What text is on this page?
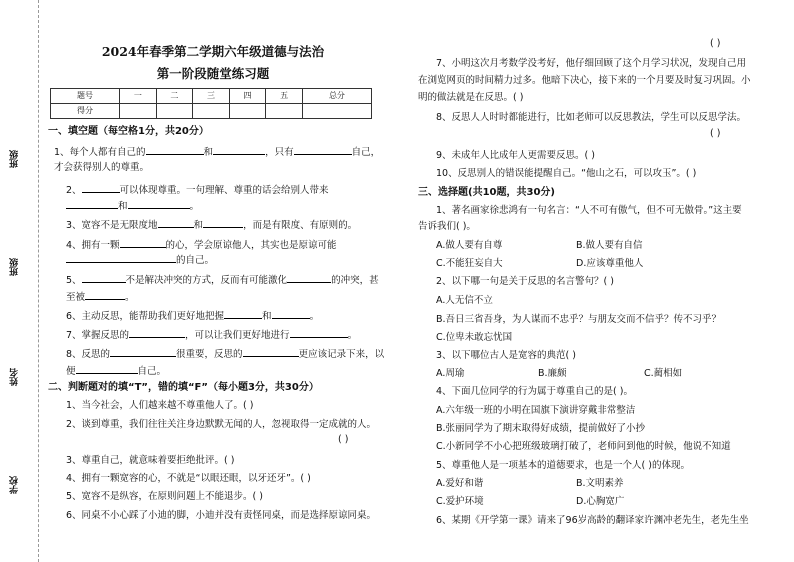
班级
班级
姓名
学校
2024年春季第二学期六年级道德与法治
第一阶段随堂练习题
题号	一	二	三	四	五	总分
得分						
一、填空题（每空格1分，共20分）
1、每个人都有自己的	和	，只有	自己，
才会获得别人的尊重。
2、	可以体现尊重。一句理解、尊重的话会给别人带来
和	。
3、宽容不是无限度地	和	，而是有限度、有原则的。
4、拥有一颗	的心，学会原谅他人，其实也是原谅可能
的自己。
5、	不是解决冲突的方式，反而有可能激化	的冲突，甚
至被	。
6、主动反思，能帮助我们更好地把握	和	。
7、掌握反思的	，可以让我们更好地进行	。
8、反思的	很重要，反思的	更应该记录下来，以
便	自己。
二、判断题对的填“T”，错的填“F”（每小题3分，共30分）
1、当今社会，人们越来越不尊重他人了。( )
2、谈到尊重，我们往往关注身边默默无闻的人，忽视取得一定成就的人。
( )
3、尊重自己，就意味着要拒绝批评。( )
4、拥有一颗宽容的心，不就是“以眼还眼，以牙还牙”。( )
5、宽容不是纵容，在原则问题上不能退步。( )
6、同桌不小心踩了小迪的脚，小迪并没有责怪同桌，而是选择原谅同桌。
( )
7、小明这次月考数学没考好，他仔细回顾了这个月学习状况，发现自己用
在浏览网页的时间精力过多。他暗下决心，接下来的一个月要及时复习巩固。小
明的做法就是在反思。( )
8、反思人人时时都能进行，比如老师可以反思教法，学生可以反思学法。
( )
9、未成年人比成年人更需要反思。( )
10、反思别人的错误能提醒自己。“他山之石，可以攻玉”。( )
三、选择题(共10题，共30分)
1、著名画家徐悲鸿有一句名言：“人不可有傲气，但不可无傲骨。”这主要
告诉我们( )。
A.做人要有自尊	B.做人要有自信
C.不能狂妄自大	D.应该尊重他人
2、以下哪一句是关于反思的名言警句？( )
A.人无信不立
B.吾日三省吾身，为人谋而不忠乎？与朋友交而不信乎？传不习乎？
C.位卑未敢忘忧国
3、以下哪位古人是宽容的典范( )
A.周瑜	B.廉颇	C.蔺相如
4、下面几位同学的行为属于尊重自己的是( )。
A.六年级一班的小明在国旗下演讲穿戴非常整洁
B.张丽同学为了期末取得好成绩，提前做好了小抄
C.小新同学不小心把班级玻璃打破了，老师问到他的时候，他说不知道
5、尊重他人是一项基本的道德要求，也是一个人( )的体现。
A.爱好和谐	B.文明素养
C.爱护环境	D.心胸宽广
6、某期《开学第一课》请来了96岁高龄的翻译家许渊冲老先生，老先生坐
